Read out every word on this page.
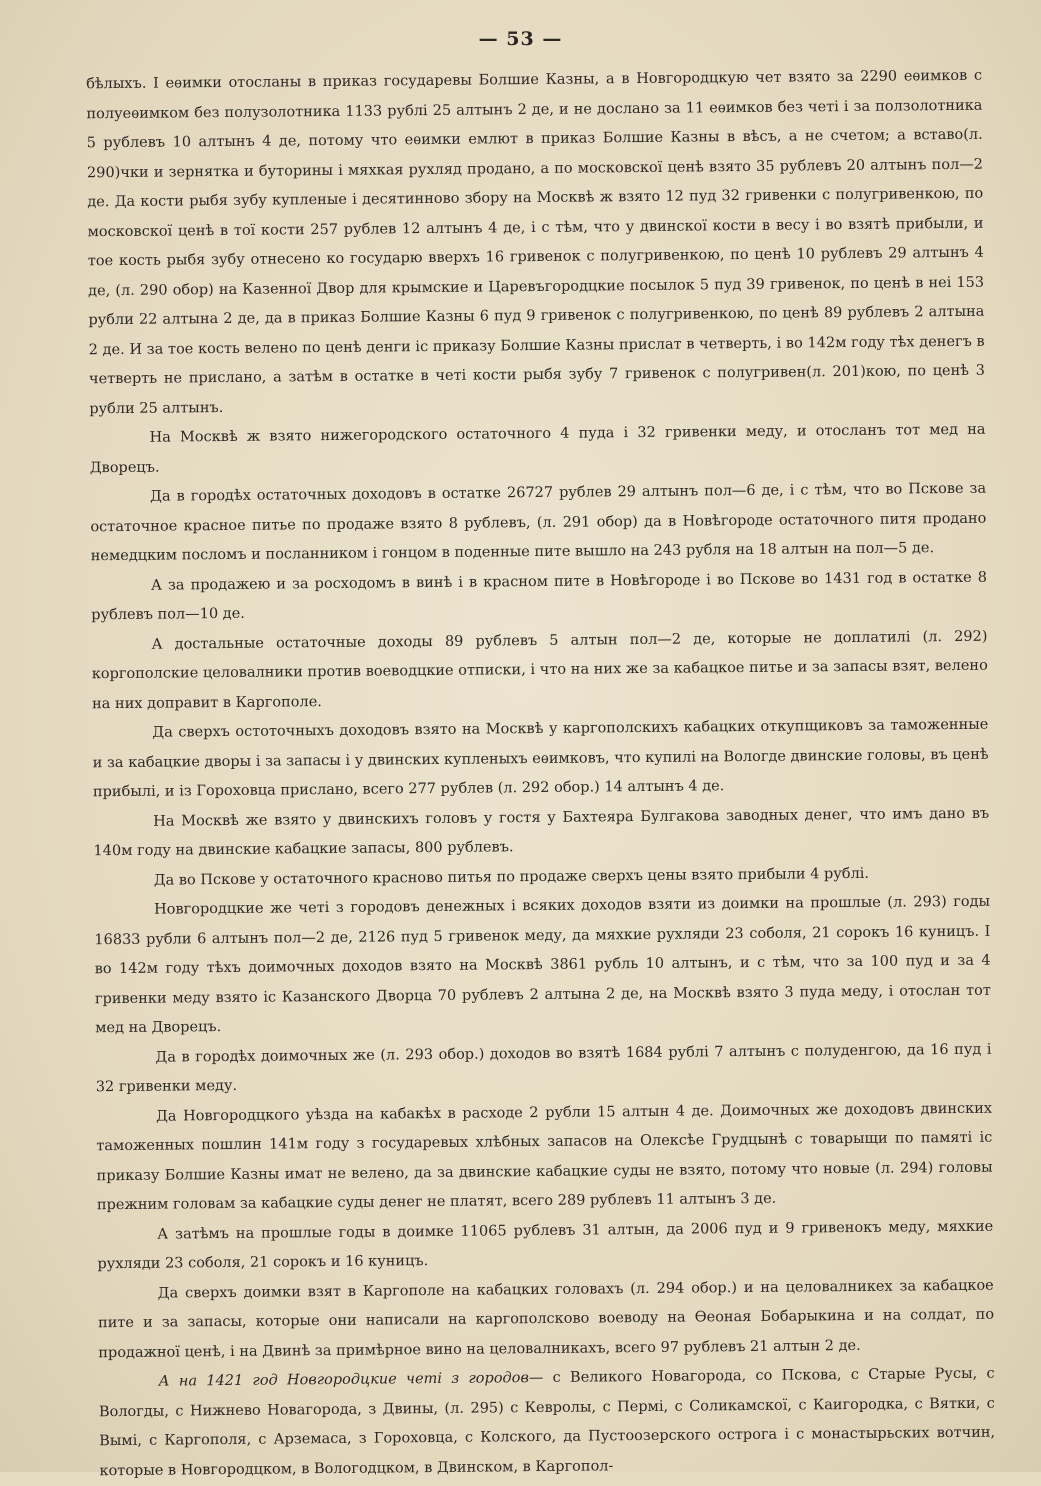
— 53 —

бѣлыхъ. І еѳимки отосланы в приказ государевы Болшие Казны, а в Новгородцкую чет взято за 2290 еѳимков с полуеѳимком без полузолотника 1133 рублі 25 алтынъ 2 де, и не дослано за 11 еѳимков без четі і за ползолотника 5 рублевъ 10 алтынъ 4 де, потому что еѳимки емлют в приказ Болшие Казны в вѣсъ, а не счетом; а вставо(л. 290)чки и зернятка и буторины і мяхкая рухляд продано, а по московскої ценѣ взято 35 рублевъ 20 алтынъ пол—2 де. Да кости рыбя зубу купленые і десятинново збору на Москвѣ ж взято 12 пуд 32 гривенки с полугривенкою, по московскої ценѣ в тої кости 257 рублев 12 алтынъ 4 де, і с тѣм, что у двинскої кости в весу і во взятѣ прибыли, и тое кость рыбя зубу отнесено ко государю вверхъ 16 гривенок с полугривенкою, по ценѣ 10 рублевъ 29 алтынъ 4 де, (л. 290 обор) на Казенної Двор для крымские и Царевъгородцкие посылок 5 пуд 39 гривенок, по ценѣ в неі 153 рубли 22 алтына 2 де, да в приказ Болшие Казны 6 пуд 9 гривенок с полугривенкою, по ценѣ 89 рублевъ 2 алтына 2 де. И за тое кость велено по ценѣ денги іс приказу Болшие Казны прислат в четверть, і во 142м году тѣх денегъ в четверть не прислано, а затѣм в остатке в четі кости рыбя зубу 7 гривенок с полугривен(л. 201)кою, по ценѣ 3 рубли 25 алтынъ.

На Москвѣ ж взято нижегородского остаточного 4 пуда і 32 гривенки меду, и отосланъ тот мед на Дворецъ.

Да в городѣх остаточных доходовъ в остатке 26727 рублев 29 алтынъ пол—6 де, і с тѣм, что во Пскове за остаточное красное питье по продаже взято 8 рублевъ, (л. 291 обор) да в Новѣгороде остаточного питя продано немедцким посломъ и посланником і гонцом в поденные пите вышло на 243 рубля на 18 алтын на пол—5 де.

А за продажею и за росходомъ в винѣ і в красном пите в Новѣгороде і во Пскове во 1431 год в остатке 8 рублевъ пол—10 де.

А достальные остаточные доходы 89 рублевъ 5 алтын пол—2 де, которые не доплатилі (л. 292) коргополские целовалники против воеводцкие отписки, і что на них же за кабацкое питье и за запасы взят, велено на них доправит в Каргополе.

Да сверхъ остоточныхъ доходовъ взято на Москвѣ у каргополскихъ кабацких откупщиковъ за таможенные и за кабацкие дворы і за запасы і у двинских купленыхъ еѳимковъ, что купилі на Вологде двинские головы, въ ценѣ прибылі, и із Гороховца прислано, всего 277 рублев (л. 292 обор.) 14 алтынъ 4 де.

На Москвѣ же взято у двинскихъ головъ у гостя у Бахтеяра Булгакова заводных денег, что имъ дано въ 140м году на двинские кабацкие запасы, 800 рублевъ.

Да во Пскове у остаточного красново питья по продаже сверхъ цены взято прибыли 4 рублі.

Новгородцкие же четі з городовъ денежных і всяких доходов взяти из доимки на прошлые (л. 293) годы 16833 рубли 6 алтынъ пол—2 де, 2126 пуд 5 гривенок меду, да мяхкие рухляди 23 соболя, 21 сорокъ 16 куницъ. І во 142м году тѣхъ доимочных доходов взято на Москвѣ 3861 рубль 10 алтынъ, и с тѣм, что за 100 пуд и за 4 гривенки меду взято іс Казанского Дворца 70 рублевъ 2 алтына 2 де, на Москвѣ взято 3 пуда меду, і отослан тот мед на Дворецъ.

Да в городѣх доимочных же (л. 293 обор.) доходов во взятѣ 1684 рублі 7 алтынъ с полуденгою, да 16 пуд і 32 гривенки меду.

Да Новгородцкого уѣзда на кабакѣх в расходе 2 рубли 15 алтын 4 де. Доимочных же доходовъ двинских таможенных пошлин 141м году з государевых хлѣбных запасов на Олексѣе Грудцынѣ с товарыщи по памяті іс приказу Болшие Казны имат не велено, да за двинские кабацкие суды не взято, потому что новые (л. 294) головы прежним головам за кабацкие суды денег не платят, всего 289 рублевъ 11 алтынъ 3 де.

А затѣмъ на прошлые годы в доимке 11065 рублевъ 31 алтын, да 2006 пуд и 9 гривенокъ меду, мяхкие рухляди 23 соболя, 21 сорокъ и 16 куницъ.

Да сверхъ доимки взят в Каргополе на кабацких головахъ (л. 294 обор.) и на целовалникех за кабацкое пите и за запасы, которые они написали на каргополсково воеводу на Ѳеоная Бобарыкина и на солдат, по продажної ценѣ, і на Двинѣ за примѣрное вино на целовалникахъ, всего 97 рублевъ 21 алтын 2 де.

А на 1421 год Новгородцкие четі з городов— с Великого Новагорода, со Пскова, с Старые Русы, с Вологды, с Нижнево Новагорода, з Двины, (л. 295) с Кевролы, с Пермі, с Соликамскої, с Каигородка, с Вятки, с Вымі, с Каргополя, с Арземаса, з Гороховца, с Колского, да Пустоозерского острога і с монастырьских вотчин, которые в Новгородцком, в Вологодцком, в Двинском, в Каргопол-
